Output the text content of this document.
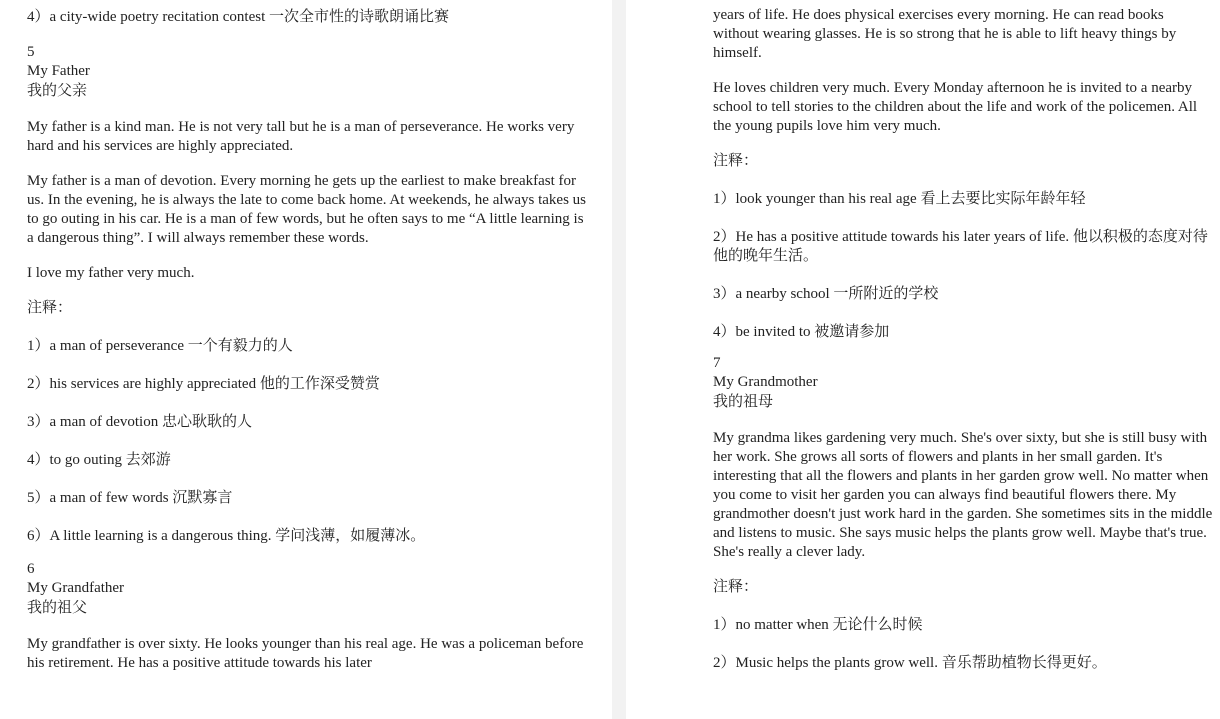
4）a city-wide poetry recitation contest 一次全市性的诗歌朗诵比赛

5

My Father

我的父亲

My father is a kind man. He is not very tall but he is a man of perseverance. He works very hard and his services are highly appreciated.

My father is a man of devotion. Every morning he gets up the earliest to make breakfast for us. In the evening, he is always the late to come back home. At weekends, he always takes us to go outing in his car. He is a man of few words, but he often says to me “A little learning is a dangerous thing”. I will always remember these words.

I love my father very much.

注释：

1）a man of perseverance 一个有毅力的人

2）his services are highly appreciated 他的工作深受赞赏

3）a man of devotion 忠心耿耿的人

4）to go outing 去郊游

5）a man of few words 沉默寡言

6）A little learning is a dangerous thing. 学问浅薄，如履薄冰。

6

My Grandfather

我的祖父

My grandfather is over sixty. He looks younger than his real age. He was a policeman before his retirement. He has a positive attitude towards his later

years of life. He does physical exercises every morning. He can read books without wearing glasses. He is so strong that he is able to lift heavy things by himself.

He loves children very much. Every Monday afternoon he is invited to a nearby school to tell stories to the children about the life and work of the policemen. All the young pupils love him very much.

注释：

1）look younger than his real age 看上去要比实际年龄年轻

2）He has a positive attitude towards his later years of life. 他以积极的态度对待他的晚年生活。

3）a nearby school 一所附近的学校

4）be invited to 被邀请参加

7

My Grandmother

我的祖母

My grandma likes gardening very much. She's over sixty, but she is still busy with her work. She grows all sorts of flowers and plants in her small garden. It's interesting that all the flowers and plants in her garden grow well. No matter when you come to visit her garden you can always find beautiful flowers there. My grandmother doesn't just work hard in the garden. She sometimes sits in the middle and listens to music. She says music helps the plants grow well. Maybe that's true. She's really a clever lady.

注释：

1）no matter when 无论什么时候

2）Music helps the plants grow well. 音乐帮助植物长得更好。
